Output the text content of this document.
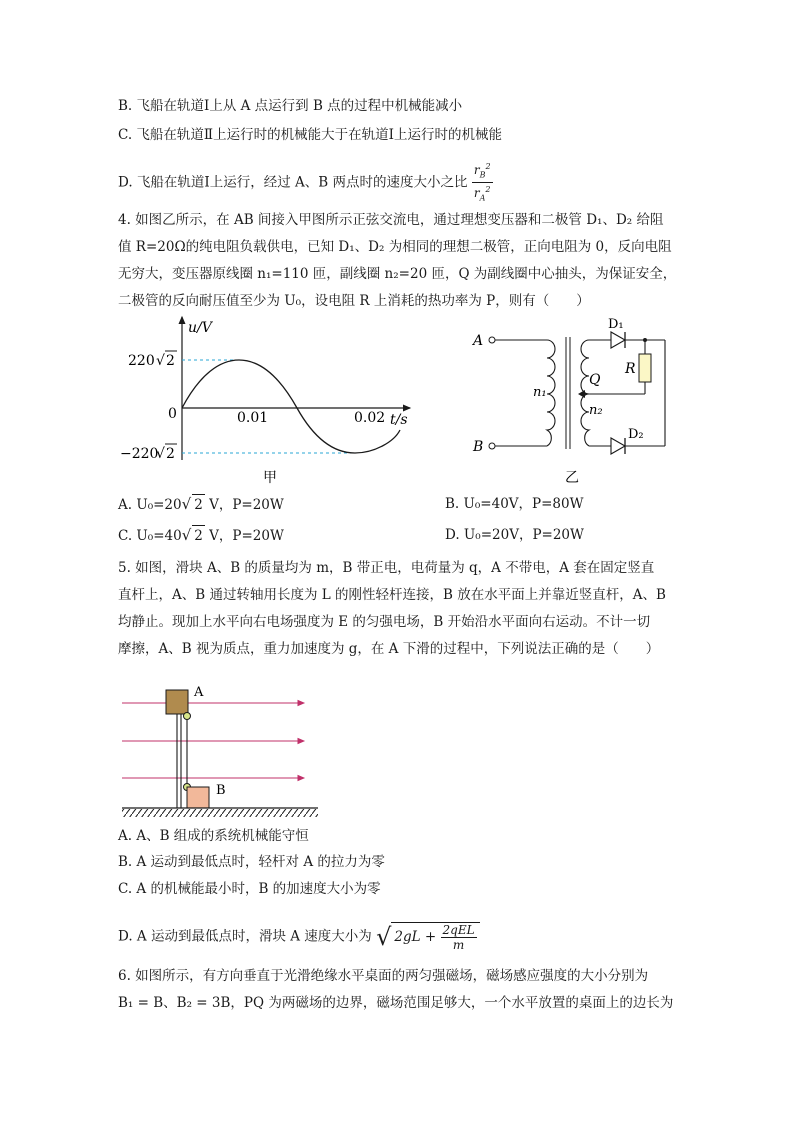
B. 飞船在轨道Ⅰ上从 A 点运行到 B 点的过程中机械能减小
C. 飞船在轨道Ⅱ上运行时的机械能大于在轨道Ⅰ上运行时的机械能
D. 飞船在轨道Ⅰ上运行，经过 A、B 两点时的速度大小之比 $\frac{r_B^2}{r_A^2}$
4. 如图乙所示，在 AB 间接入甲图所示正弦交流电，通过理想变压器和二极管 D₁、D₂ 给阻
值 R=20Ω的纯电阻负载供电，已知 D₁、D₂ 为相同的理想二极管，正向电阻为 0，反向电阻
无穷大，变压器原线圈 n₁=110 匝，副线圈 n₂=20 匝，Q 为副线圈中心抽头，为保证安全，
二极管的反向耐压值至少为 U₀，设电阻 R 上消耗的热功率为 P，则有（　　）
u/V
220 √ 2
0	0.01	0.02 t/s
−220
√ 2
甲
A
B
n₁
Q
n₂
D₁
R
D₂
乙
A. U₀=20√ 2 V，P=20W	B. U₀=40V，P=80W
C. U₀=40√ 2 V，P=20W	D. U₀=20V，P=20W
5. 如图，滑块 A、B 的质量均为 m，B 带正电，电荷量为 q，A 不带电，A 套在固定竖直
直杆上，A、B 通过转轴用长度为 L 的刚性轻杆连接，B 放在水平面上并靠近竖直杆，A、B
均静止。现加上水平向右电场强度为 E 的匀强电场，B 开始沿水平面向右运动。不计一切
摩擦，A、B 视为质点，重力加速度为 g，在 A 下滑的过程中，下列说法正确的是（　　）
A
B
A. A、B 组成的系统机械能守恒
B. A 运动到最低点时，轻杆对 A 的拉力为零
C. A 的机械能最小时，B 的加速度大小为零
D. A 运动到最低点时，滑块 A 速度大小为 √ $2gL + \frac{\text{2qEL}}{m}$
6. 如图所示，有方向垂直于光滑绝缘水平桌面的两匀强磁场，磁场感应强度的大小分别为
B₁ = B、B₂ = 3B，PQ 为两磁场的边界，磁场范围足够大，一个水平放置的桌面上的边长为
